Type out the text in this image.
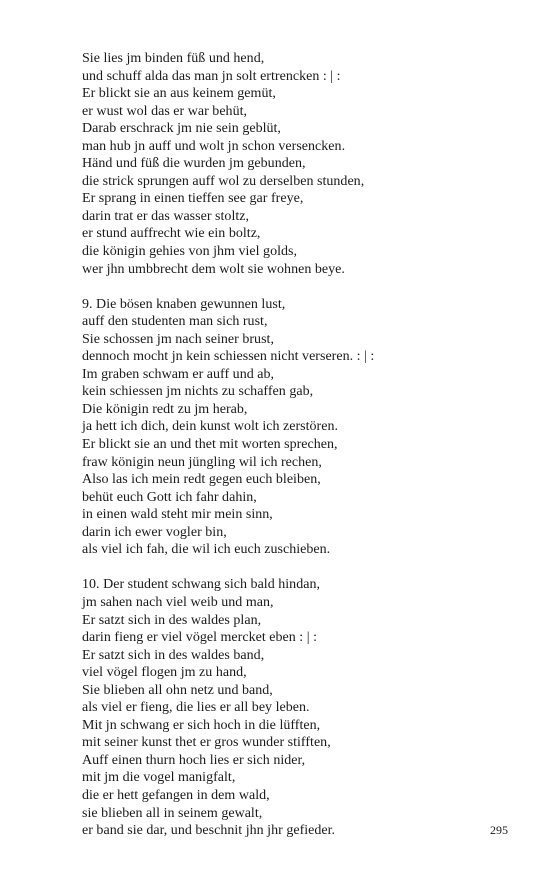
Sie lies jm binden füß und hend,
und schuff alda das man jn solt ertrencken : | :
Er blickt sie an aus keinem gemüt,
er wust wol das er war behüt,
Darab erschrack jm nie sein geblüt,
man hub jn auff und wolt jn schon versencken.
Händ und füß die wurden jm gebunden,
die strick sprungen auff wol zu derselben stunden,
Er sprang in einen tieffen see gar freye,
darin trat er das wasser stoltz,
er stund auffrecht wie ein boltz,
die königin gehies von jhm viel golds,
wer jhn umbbrecht dem wolt sie wohnen beye.
9. Die bösen knaben gewunnen lust,
auff den studenten man sich rust,
Sie schossen jm nach seiner brust,
dennoch mocht jn kein schiessen nicht verseren. : | :
Im graben schwam er auff und ab,
kein schiessen jm nichts zu schaffen gab,
Die königin redt zu jm herab,
ja hett ich dich, dein kunst wolt ich zerstören.
Er blickt sie an und thet mit worten sprechen,
fraw königin neun jüngling wil ich rechen,
Also las ich mein redt gegen euch bleiben,
behüt euch Gott ich fahr dahin,
in einen wald steht mir mein sinn,
darin ich ewer vogler bin,
als viel ich fah, die wil ich euch zuschieben.
10. Der student schwang sich bald hindan,
jm sahen nach viel weib und man,
Er satzt sich in des waldes plan,
darin fieng er viel vögel mercket eben : | :
Er satzt sich in des waldes band,
viel vögel flogen jm zu hand,
Sie blieben all ohn netz und band,
als viel er fieng, die lies er all bey leben.
Mit jn schwang er sich hoch in die lüfften,
mit seiner kunst thet er gros wunder stifften,
Auff einen thurn hoch lies er sich nider,
mit jm die vogel manigfalt,
die er hett gefangen in dem wald,
sie blieben all in seinem gewalt,
er band sie dar, und beschnit jhn jhr gefieder.	295
